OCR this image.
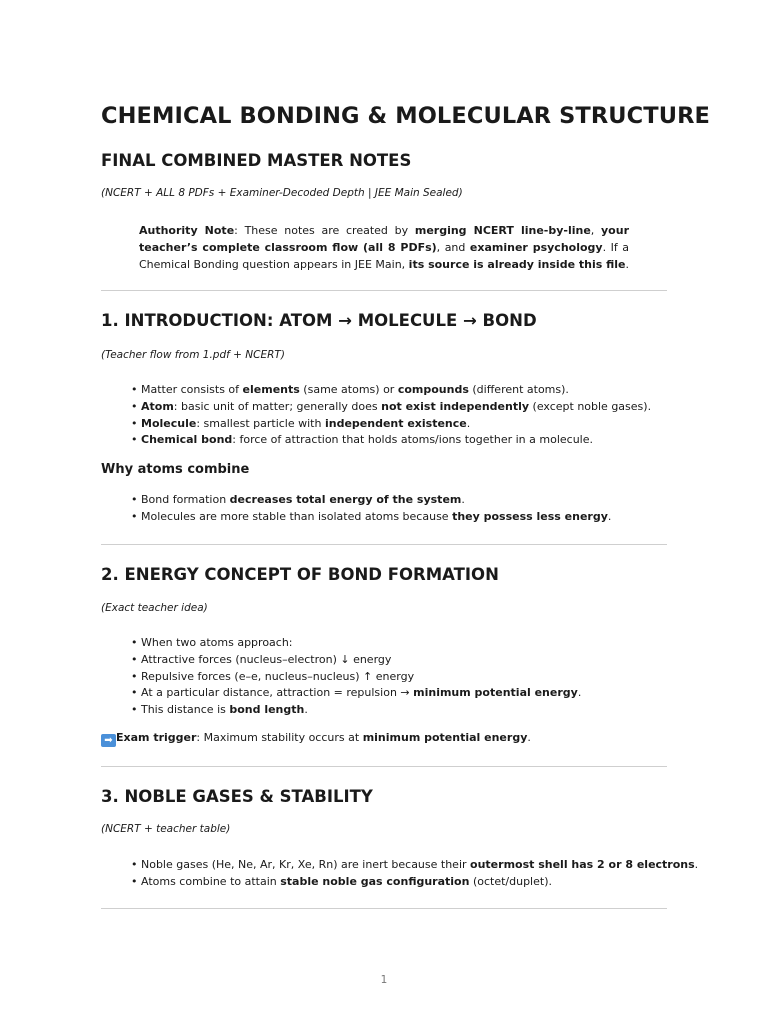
CHEMICAL BONDING & MOLECULAR STRUCTURE
FINAL COMBINED MASTER NOTES

(NCERT + ALL 8 PDFs + Examiner-Decoded Depth | JEE Main Sealed)

Authority Note: These notes are created by merging NCERT line-by-line, your teacher’s complete classroom flow (all 8 PDFs), and examiner psychology. If a Chemical Bonding question appears in JEE Main, its source is already inside this file.

1. INTRODUCTION: ATOM → MOLECULE → BOND

(Teacher flow from 1.pdf + NCERT)

• Matter consists of elements (same atoms) or compounds (different atoms).
• Atom: basic unit of matter; generally does not exist independently (except noble gases).
• Molecule: smallest particle with independent existence.
• Chemical bond: force of attraction that holds atoms/ions together in a molecule.
Why atoms combine
• Bond formation decreases total energy of the system.
• Molecules are more stable than isolated atoms because they possess less energy.
2. ENERGY CONCEPT OF BOND FORMATION

(Exact teacher idea)

• When two atoms approach:
• Attractive forces (nucleus–electron) ↓ energy
• Repulsive forces (e–e, nucleus–nucleus) ↑ energy
• At a particular distance, attraction = repulsion → minimum potential energy.
• This distance is bond length.

➡ Exam trigger: Maximum stability occurs at minimum potential energy.

3. NOBLE GASES & STABILITY

(NCERT + teacher table)

• Noble gases (He, Ne, Ar, Kr, Xe, Rn) are inert because their outermost shell has 2 or 8 electrons.
• Atoms combine to attain stable noble gas configuration (octet/duplet).
1
